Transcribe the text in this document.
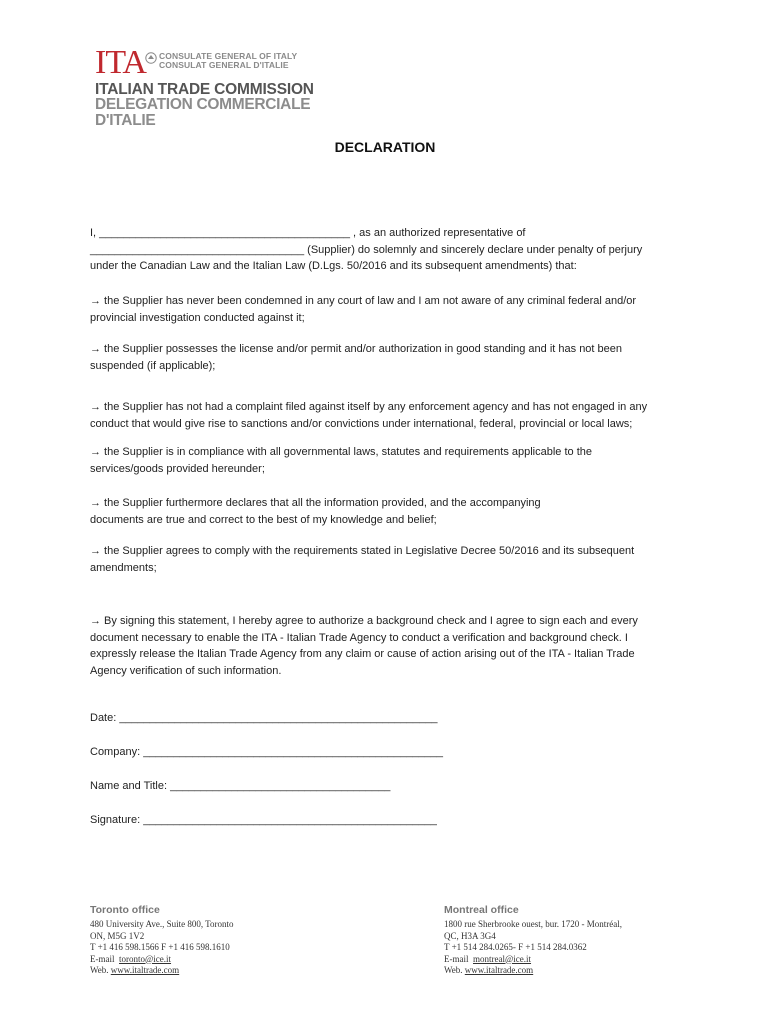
ITA CONSULATE GENERAL OF ITALY
CONSULAT GENERAL D'ITALIE
ITALIAN TRADE COMMISSION
DELEGATION COMMERCIALE D'ITALIE
DECLARATION
I, _________________________________________ , as an authorized representative of
___________________________________ (Supplier) do solemnly and sincerely declare under penalty of perjury
under the Canadian Law and the Italian Law (D.Lgs. 50/2016 and its subsequent amendments) that:
→ the Supplier has never been condemned in any court of law and I am not aware of any criminal federal and/or
provincial investigation conducted against it;
→ the Supplier possesses the license and/or permit and/or authorization in good standing and it has not been
suspended (if applicable);
→ the Supplier has not had a complaint filed against itself by any enforcement agency and has not engaged in any
conduct that would give rise to sanctions and/or convictions under international, federal, provincial or local laws;
→ the Supplier is in compliance with all governmental laws, statutes and requirements applicable to the
services/goods provided hereunder;
→ the Supplier furthermore declares that all the information provided, and the accompanying
documents are true and correct to the best of my knowledge and belief;
→ the Supplier agrees to comply with the requirements stated in Legislative Decree 50/2016 and its subsequent
amendments;
→ By signing this statement, I hereby agree to authorize a background check and I agree to sign each and every
document necessary to enable the ITA - Italian Trade Agency to conduct a verification and background check. I
expressly release the Italian Trade Agency from any claim or cause of action arising out of the ITA - Italian Trade
Agency verification of such information.
Date: ____________________________________________________
Company: _________________________________________________
Name and Title: ____________________________________
Signature: ________________________________________________
Toronto office
480 University Ave., Suite 800, Toronto
ON, M5G 1V2
T +1 416 598.1566 F +1 416 598.1610
E-mail toronto@ice.it
Web. www.italtrade.com
Montreal office
1800 rue Sherbrooke ouest, bur. 1720 - Montréal,
QC, H3A 3G4
T +1 514 284.0265- F +1 514 284.0362
E-mail montreal@ice.it
Web. www.italtrade.com
